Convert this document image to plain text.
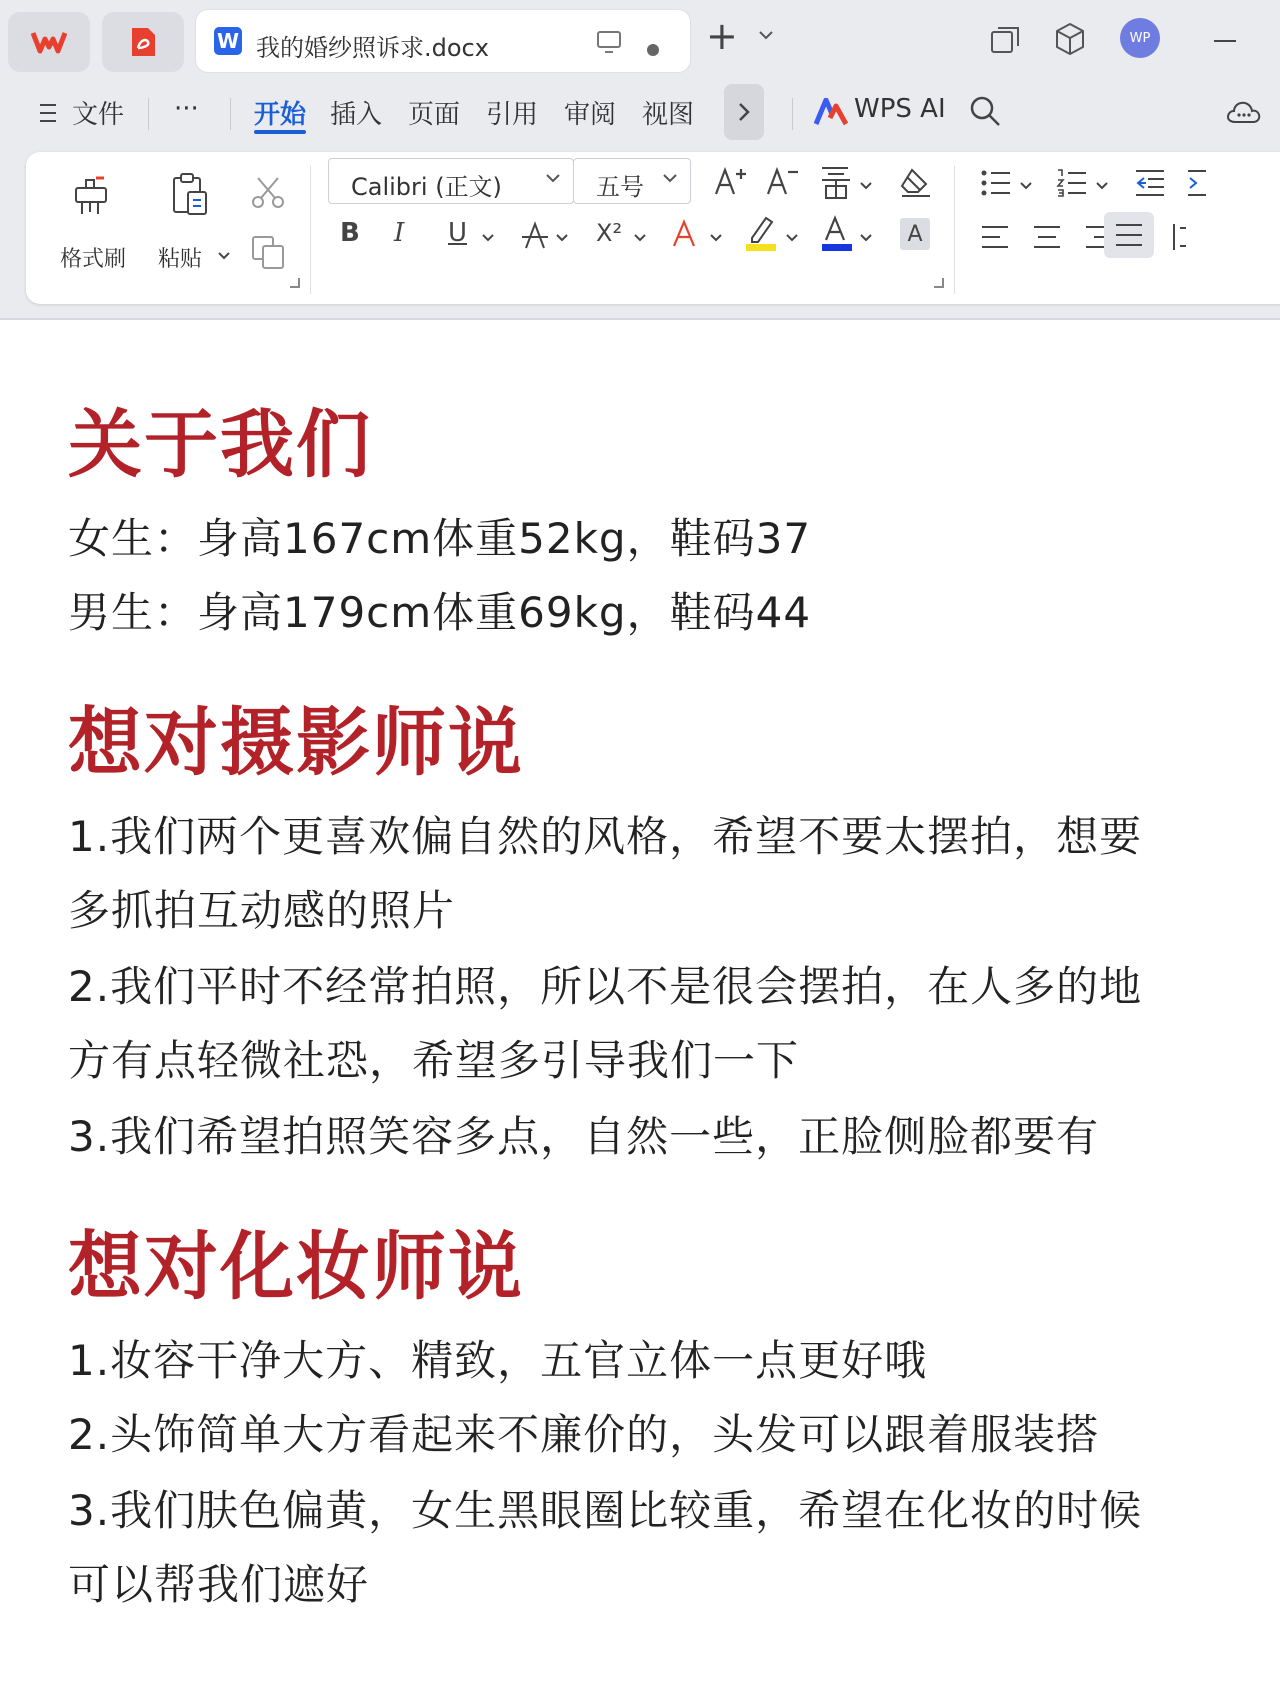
W 我的婚纱照诉求.docx	+	WP
文件 ··· 开始 插入 页面 引用 审阅 视图	WPS AI
格式刷 粘贴
Calibri (正文)	五号
B I U	X²	A
关于我们
女生：身高167cm体重52kg，鞋码37
男生：身高179cm体重69kg，鞋码44
想对摄影师说
1.我们两个更喜欢偏自然的风格，希望不要太摆拍，想要
多抓拍互动感的照片
2.我们平时不经常拍照，所以不是很会摆拍，在人多的地
方有点轻微社恐，希望多引导我们一下
3.我们希望拍照笑容多点，自然一些，正脸侧脸都要有
想对化妆师说
1.妆容干净大方、精致，五官立体一点更好哦
2.头饰简单大方看起来不廉价的，头发可以跟着服装搭
3.我们肤色偏黄，女生黑眼圈比较重，希望在化妆的时候
可以帮我们遮好
